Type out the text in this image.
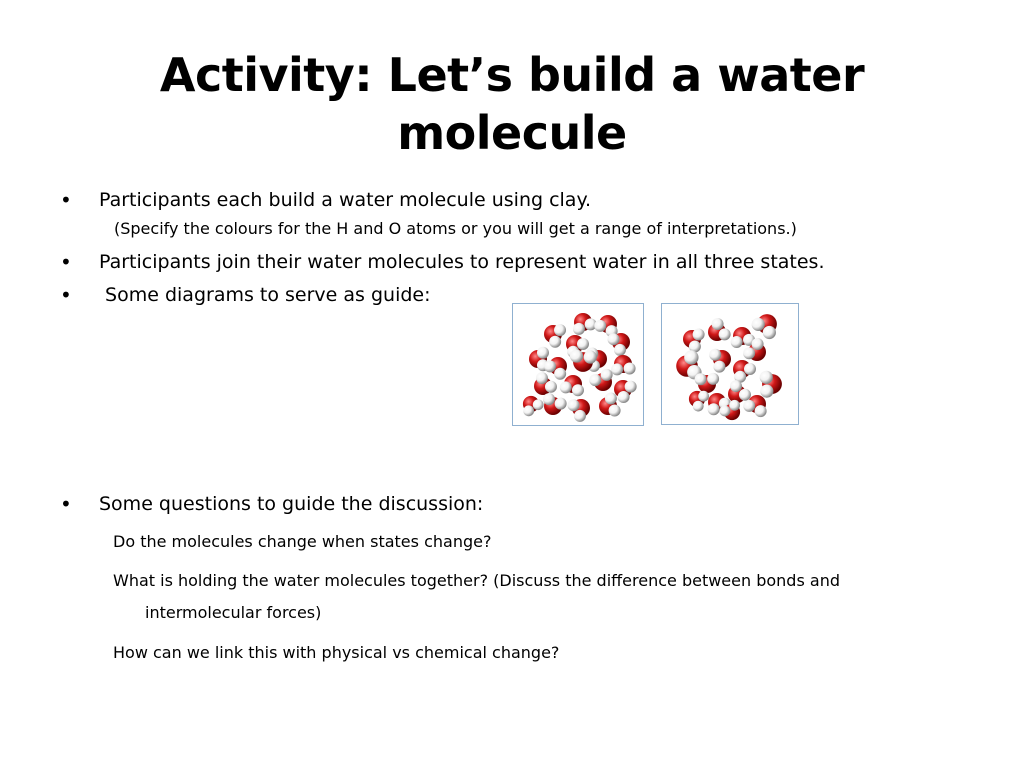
Activity: Let’s build a water
molecule
• Participants each build a water molecule using clay.
(Specify the colours for the H and O atoms or you will get a range of interpretations.)
• Participants join their water molecules to represent water in all three states.
• Some diagrams to serve as guide:
• Some questions to guide the discussion:
Do the molecules change when states change?
What is holding the water molecules together? (Discuss the difference between bonds and
intermolecular forces)
How can we link this with physical vs chemical change?
